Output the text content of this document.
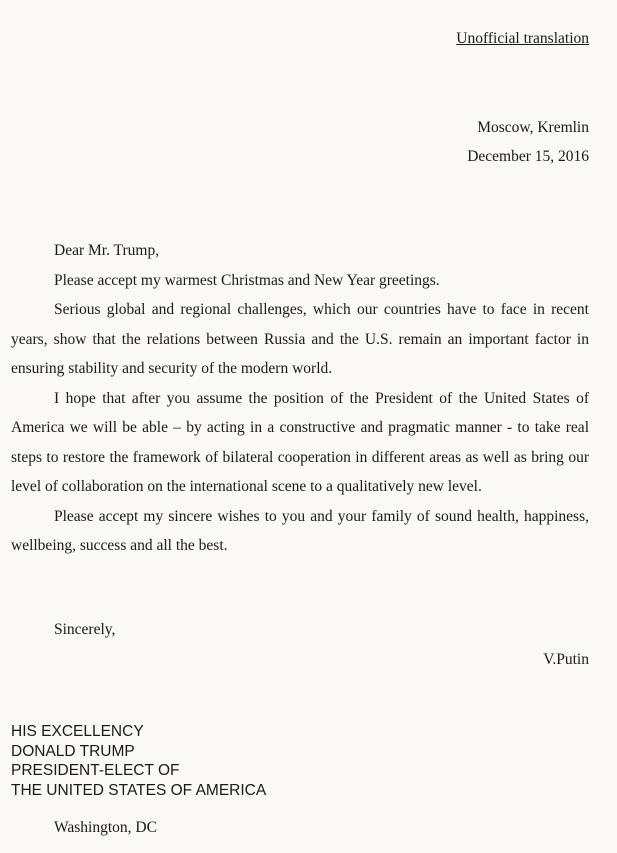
Unofficial translation
Moscow, Kremlin
December 15, 2016

Dear Mr. Trump,

Please accept my warmest Christmas and New Year greetings.

Serious global and regional challenges, which our countries have to face in recent years, show that the relations between Russia and the U.S. remain an important factor in ensuring stability and security of the modern world.

I hope that after you assume the position of the President of the United States of America we will be able – by acting in a constructive and pragmatic manner - to take real steps to restore the framework of bilateral cooperation in different areas as well as bring our level of collaboration on the international scene to a qualitatively new level.

Please accept my sincere wishes to you and your family of sound health, happiness, wellbeing, success and all the best.

Sincerely,
V.Putin
HIS EXCELLENCY
DONALD TRUMP
PRESIDENT-ELECT OF
THE UNITED STATES OF AMERICA
Washington, DC
